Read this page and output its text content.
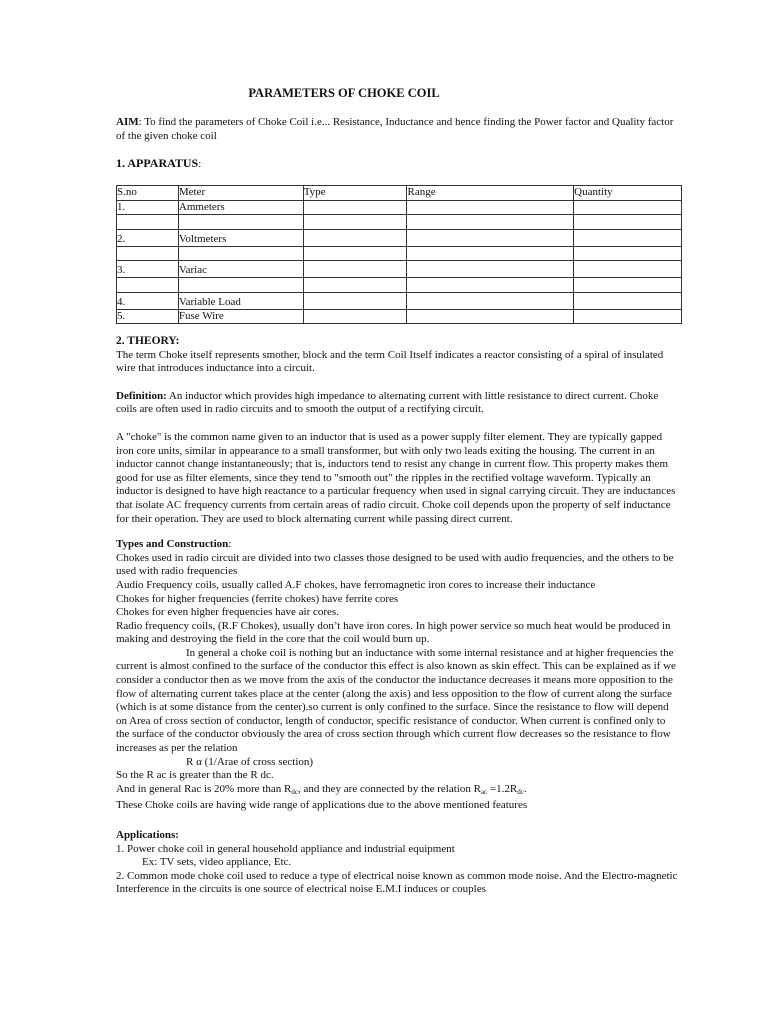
PARAMETERS OF CHOKE COIL

AIM: To find the parameters of Choke Coil i.e... Resistance, Inductance and hence finding the Power factor and Quality factor of the given choke coil

1. APPARATUS:

S.no	Meter	Type	Range	Quantity
1.	Ammeters			

2.	Voltmeters			

3.	Variac			

4.	Variable Load			
5.	Fuse Wire			

2. THEORY:

The term Choke itself represents smother, block and the term Coil Itself indicates a reactor consisting of a spiral of insulated wire that introduces inductance into a circuit.

Definition: An inductor which provides high impedance to alternating current with little resistance to direct current. Choke coils are often used in radio circuits and to smooth the output of a rectifying circuit.

A "choke" is the common name given to an inductor that is used as a power supply filter element. They are typically gapped iron core units, similar in appearance to a small transformer, but with only two leads exiting the housing. The current in an inductor cannot change instantaneously; that is, inductors tend to resist any change in current flow. This property makes them good for use as filter elements, since they tend to "smooth out" the ripples in the rectified voltage waveform. Typically an inductor is designed to have high reactance to a particular frequency when used in signal carrying circuit. They are inductances that isolate AC frequency currents from certain areas of radio circuit. Choke coil depends upon the property of self inductance for their operation. They are used to block alternating current while passing direct current.

Types and Construction:

Chokes used in radio circuit are divided into two classes those designed to be used with audio frequencies, and the others to be used with radio frequencies

Audio Frequency coils, usually called A.F chokes, have ferromagnetic iron cores to increase their inductance

Chokes for higher frequencies (ferrite chokes) have ferrite cores

Chokes for even higher frequencies have air cores.

Radio frequency coils, (R.F Chokes), usually don’t have iron cores. In high power service so much heat would be produced in making and destroying the field in the core that the coil would burn up.

In general a choke coil is nothing but an inductance with some internal resistance and at higher frequencies the current is almost confined to the surface of the conductor this effect is also known as skin effect. This can be explained as if we consider a conductor then as we move from the axis of the conductor the inductance decreases it means more opposition to the flow of alternating current takes place at the center (along the axis) and less opposition to the flow of current along the surface (which is at some distance from the center).so current is only confined to the surface. Since the resistance to flow will depend on Area of cross section of conductor, length of conductor, specific resistance of conductor. When current is confined only to the surface of the conductor obviously the area of cross section through which current flow decreases so the resistance to flow increases as per the relation

R α (1/Arae of cross section)

So the R ac is greater than the R dc.

And in general Rac is 20% more than $R_{dc}$, and they are connected by the relation $R_{ac} =1.2R_{dc}$.

These Choke coils are having wide range of applications due to the above mentioned features

Applications:

1. Power choke coil in general household appliance and industrial equipment

Ex: TV sets, video appliance, Etc.

2. Common mode choke coil used to reduce a type of electrical noise known as common mode noise. And the Electro-magnetic Interference in the circuits is one source of electrical noise E.M.I induces or couples
